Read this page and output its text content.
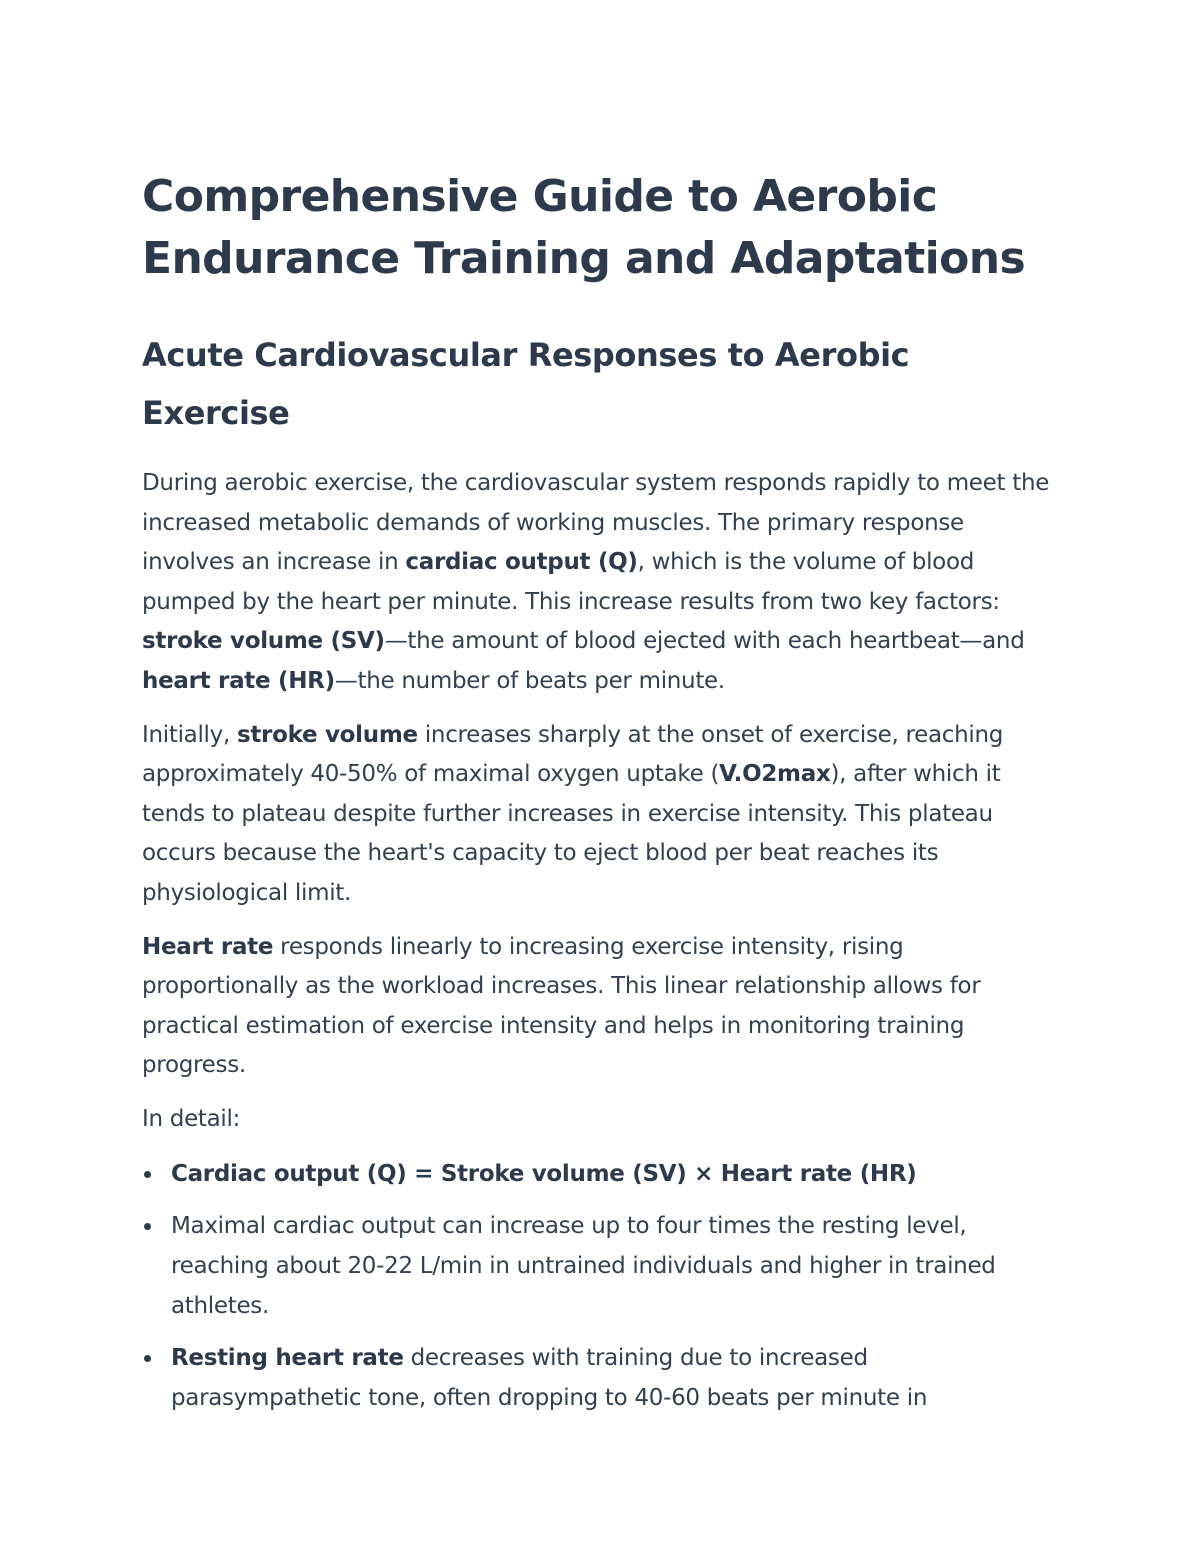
Comprehensive Guide to Aerobic Endurance Training and Adaptations
Acute Cardiovascular Responses to Aerobic Exercise

During aerobic exercise, the cardiovascular system responds rapidly to meet the increased metabolic demands of working muscles. The primary response involves an increase in cardiac output (Q), which is the volume of blood pumped by the heart per minute. This increase results from two key factors: stroke volume (SV)—the amount of blood ejected with each heartbeat—and heart rate (HR)—the number of beats per minute.

Initially, stroke volume increases sharply at the onset of exercise, reaching approximately 40-50% of maximal oxygen uptake (V.O2max), after which it tends to plateau despite further increases in exercise intensity. This plateau occurs because the heart's capacity to eject blood per beat reaches its physiological limit.

Heart rate responds linearly to increasing exercise intensity, rising proportionally as the workload increases. This linear relationship allows for practical estimation of exercise intensity and helps in monitoring training progress.

In detail:

Cardiac output (Q) = Stroke volume (SV) × Heart rate (HR)
Maximal cardiac output can increase up to four times the resting level, reaching about 20-22 L/min in untrained individuals and higher in trained athletes.
Resting heart rate decreases with training due to increased parasympathetic tone, often dropping to 40-60 beats per minute in
